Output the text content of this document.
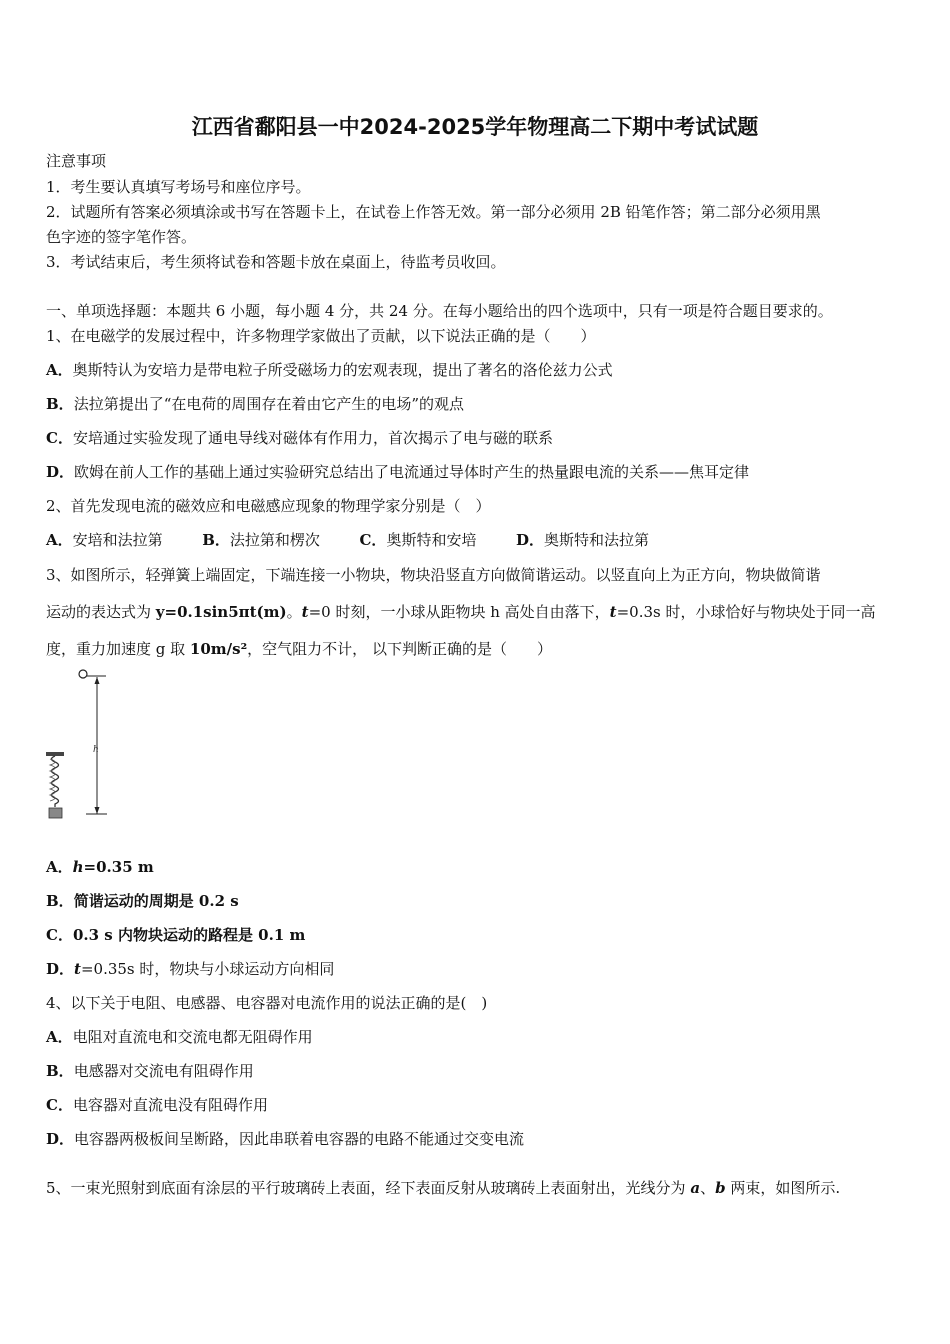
江西省鄱阳县一中2024-2025学年物理高二下期中考试试题
注意事项
1．考生要认真填写考场号和座位序号。
2．试题所有答案必须填涂或书写在答题卡上，在试卷上作答无效。第一部分必须用 2B 铅笔作答；第二部分必须用黑
色字迹的签字笔作答。
3．考试结束后，考生须将试卷和答题卡放在桌面上，待监考员收回。
一、单项选择题：本题共 6 小题，每小题 4 分，共 24 分。在每小题给出的四个选项中，只有一项是符合题目要求的。
1、在电磁学的发展过程中，许多物理学家做出了贡献，以下说法正确的是（　　）
A．奥斯特认为安培力是带电粒子所受磁场力的宏观表现，提出了著名的洛伦兹力公式
B．法拉第提出了“在电荷的周围存在着由它产生的电场”的观点
C．安培通过实验发现了通电导线对磁体有作用力，首次揭示了电与磁的联系
D．欧姆在前人工作的基础上通过实验研究总结出了电流通过导体时产生的热量跟电流的关系——焦耳定律
2、首先发现电流的磁效应和电磁感应现象的物理学家分别是（　）
A．安培和法拉第	B．法拉第和楞次	C．奥斯特和安培	D．奥斯特和法拉第
3、如图所示，轻弹簧上端固定，下端连接一小物块，物块沿竖直方向做简谐运动。以竖直向上为正方向，物块做简谐
运动的表达式为 y=0.1sin5πt(m)。t=0 时刻，一小球从距物块 h 高处自由落下，t=0.3s 时，小球恰好与物块处于同一高
度，重力加速度 g 取 10m/s²，空气阻力不计， 以下判断正确的是（　　）
h
A．h=0.35 m
B．简谐运动的周期是 0.2 s
C．0.3 s 内物块运动的路程是 0.1 m
D．t=0.35s 时，物块与小球运动方向相同
4、以下关于电阻、电感器、电容器对电流作用的说法正确的是(　)
A．电阻对直流电和交流电都无阻碍作用
B．电感器对交流电有阻碍作用
C．电容器对直流电没有阻碍作用
D．电容器两极板间呈断路，因此串联着电容器的电路不能通过交变电流
5、一束光照射到底面有涂层的平行玻璃砖上表面，经下表面反射从玻璃砖上表面射出，光线分为 a、b 两束，如图所示.
